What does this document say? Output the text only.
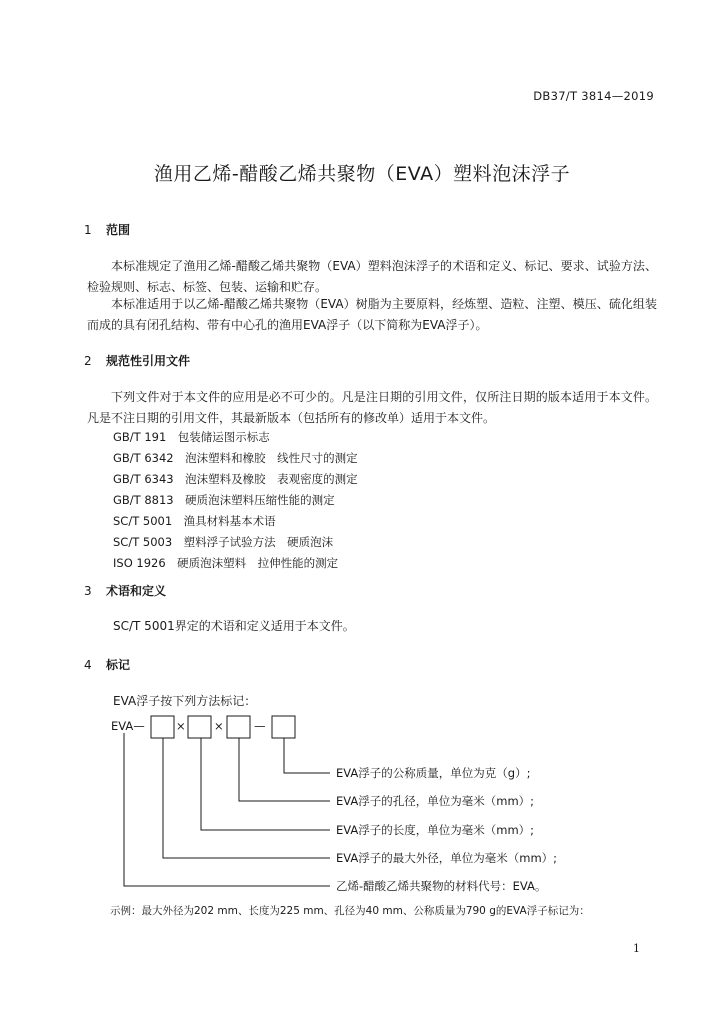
DB37/T 3814—2019
渔用乙烯-醋酸乙烯共聚物（EVA）塑料泡沫浮子
1 范围
本标准规定了渔用乙烯-醋酸乙烯共聚物（EVA）塑料泡沫浮子的术语和定义、标记、要求、试验方法、检验规则、标志、标签、包装、运输和贮存。
本标准适用于以乙烯-醋酸乙烯共聚物（EVA）树脂为主要原料，经炼塑、造粒、注塑、模压、硫化组装而成的具有闭孔结构、带有中心孔的渔用EVA浮子（以下简称为EVA浮子）。
2 规范性引用文件
下列文件对于本文件的应用是必不可少的。凡是注日期的引用文件，仅所注日期的版本适用于本文件。凡是不注日期的引用文件，其最新版本（包括所有的修改单）适用于本文件。
GB/T 191　包装储运图示标志
GB/T 6342　泡沫塑料和橡胶　线性尺寸的测定
GB/T 6343　泡沫塑料及橡胶　表观密度的测定
GB/T 8813　硬质泡沫塑料压缩性能的测定
SC/T 5001　渔具材料基本术语
SC/T 5003　塑料浮子试验方法　硬质泡沫
ISO 1926　硬质泡沫塑料　拉伸性能的测定
3 术语和定义
SC/T 5001界定的术语和定义适用于本文件。
4 标记
EVA浮子按下列方法标记：
EVA—	× ×	—
EVA浮子的公称质量，单位为克（g）;
EVA浮子的孔径，单位为毫米（mm）;
EVA浮子的长度，单位为毫米（mm）;
EVA浮子的最大外径，单位为毫米（mm）;
乙烯-醋酸乙烯共聚物的材料代号：EVA。
示例：最大外径为202 mm、长度为225 mm、孔径为40 mm、公称质量为790 g的EVA浮子标记为：
1
